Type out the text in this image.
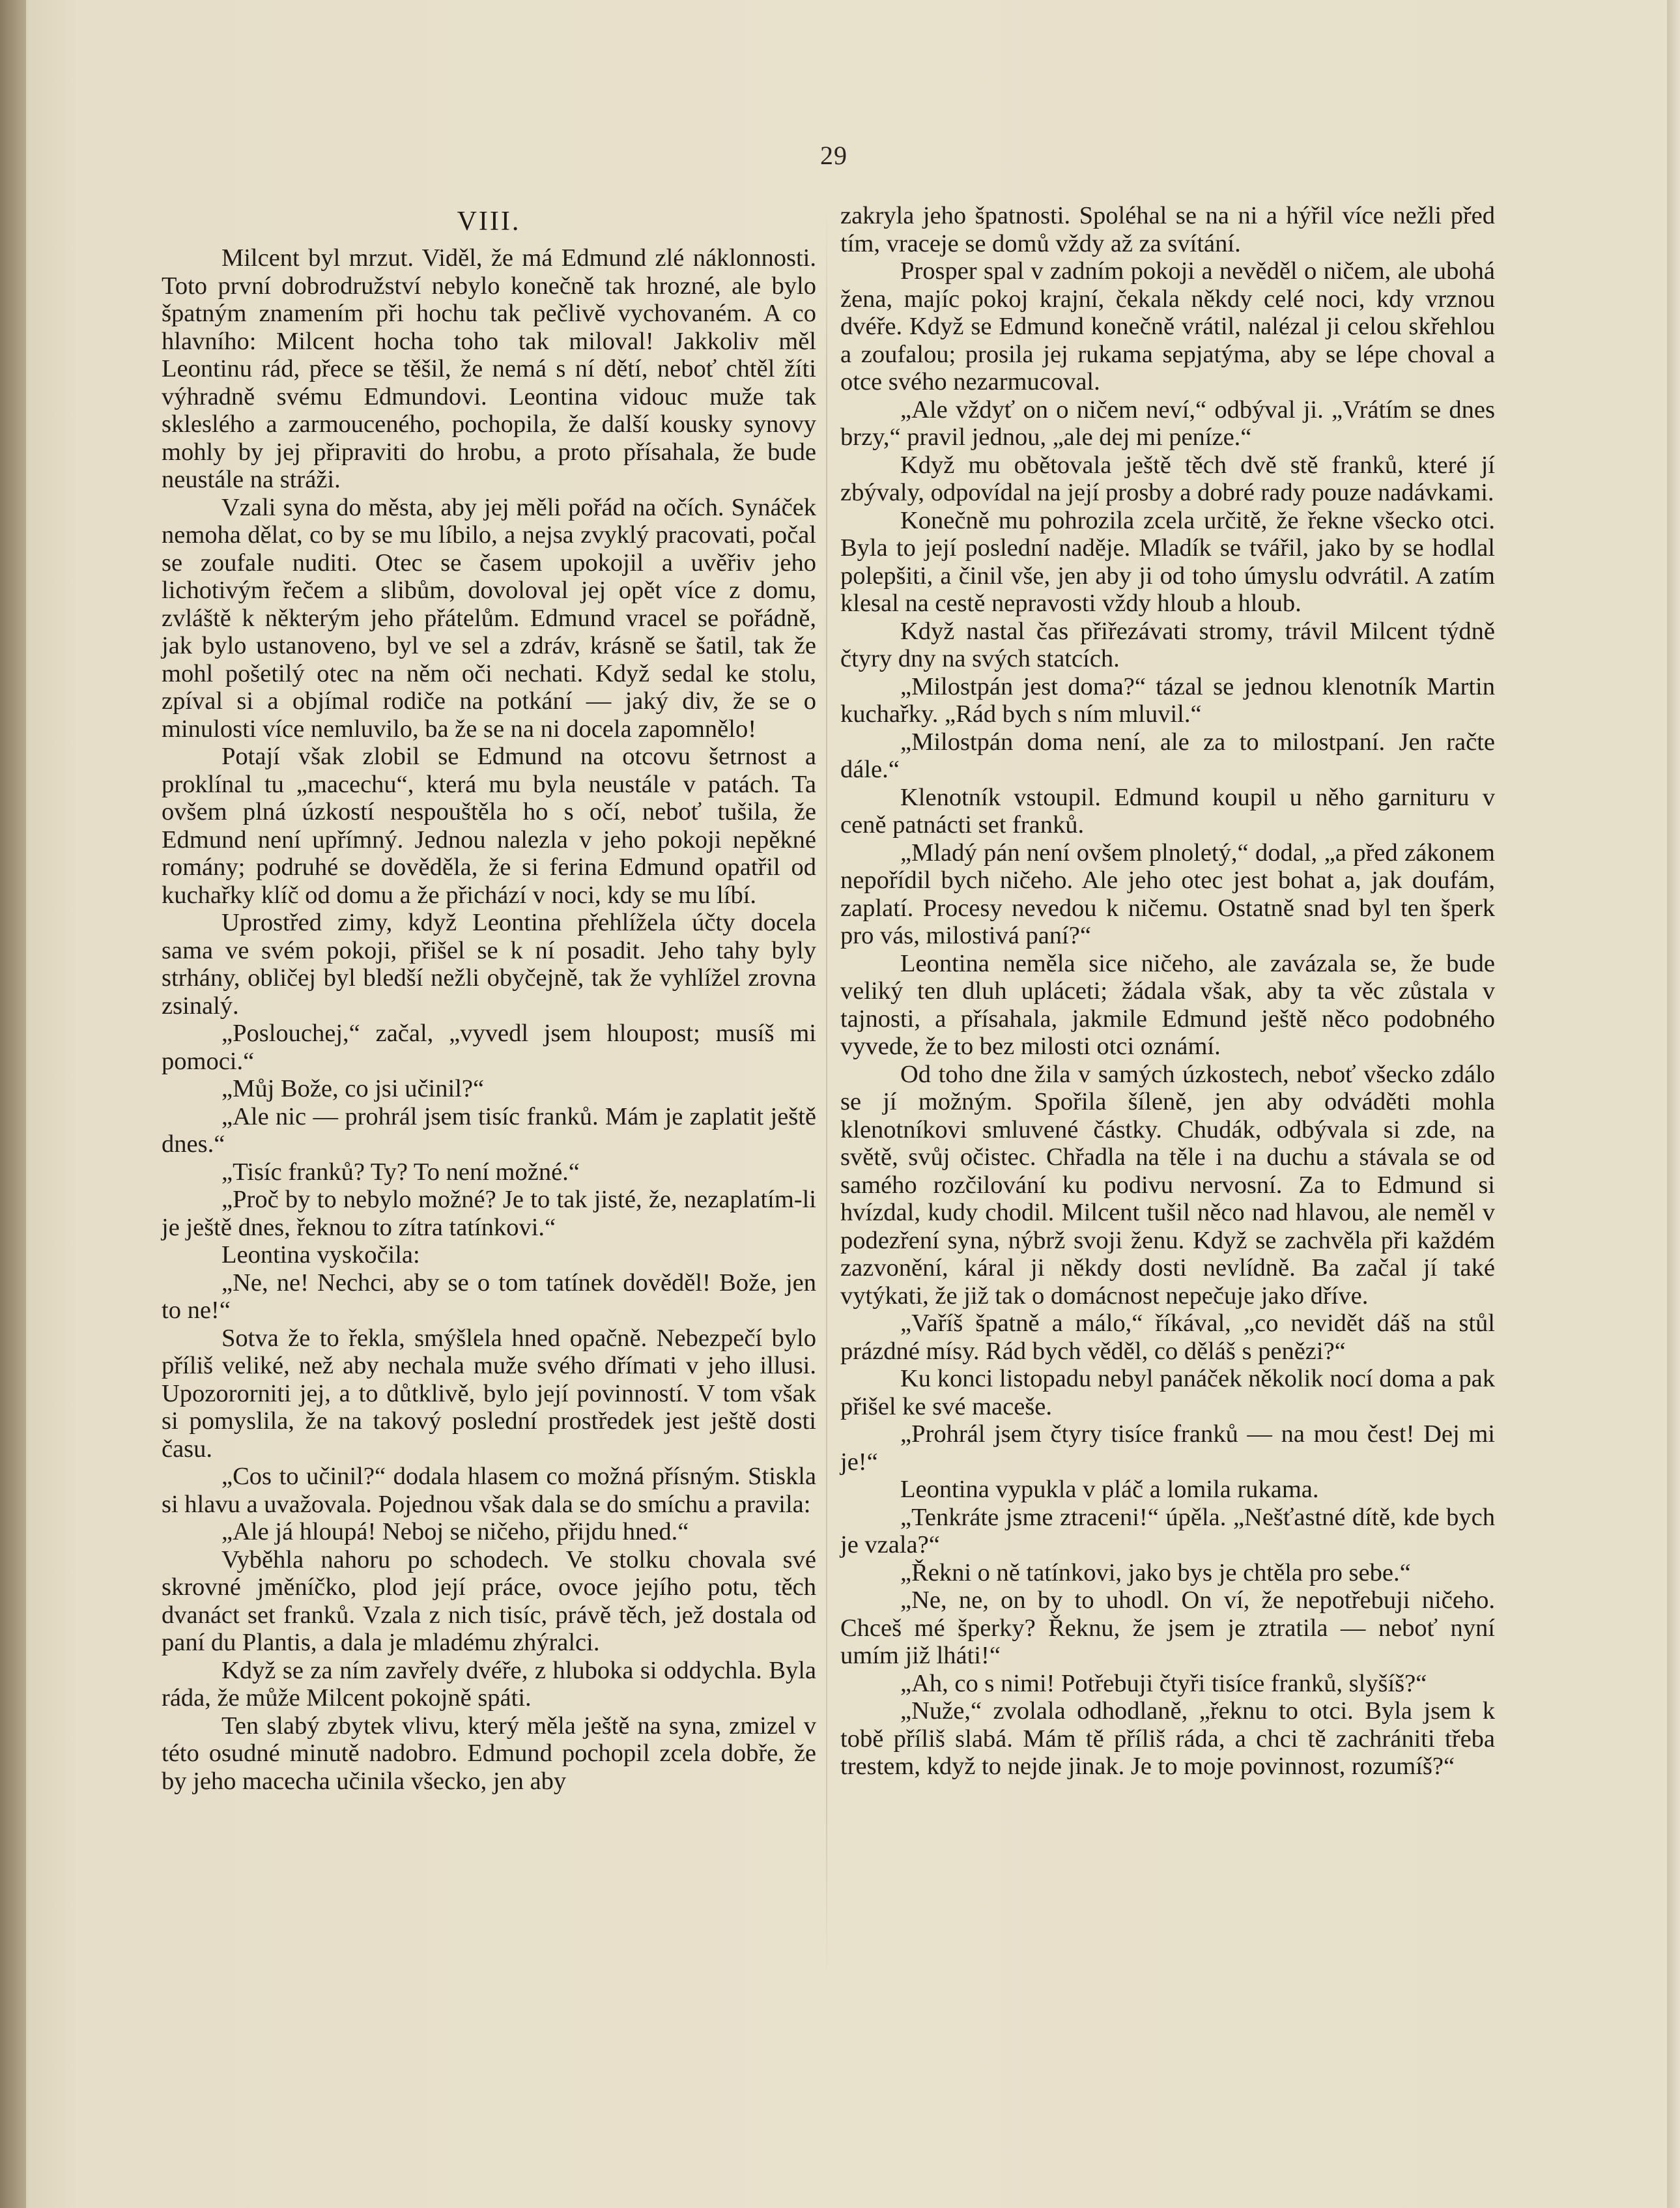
29
VIII.

Milcent byl mrzut. Viděl, že má Edmund zlé náklonnosti. Toto první dobrodružství nebylo konečně tak hrozné, ale bylo špatným znamením při hochu tak pečlivě vychovaném. A co hlavního: Milcent hocha toho tak miloval! Jakkoliv měl Leontinu rád, přece se těšil, že nemá s ní dětí, neboť chtěl žíti výhradně svému Edmundovi. Leontina vidouc muže tak skleslého a zarmouceného, pochopila, že další kousky synovy mohly by jej připraviti do hrobu, a proto přísahala, že bude neustále na stráži.

Vzali syna do města, aby jej měli pořád na očích. Synáček nemoha dělat, co by se mu líbilo, a nejsa zvyklý pracovati, počal se zoufale nuditi. Otec se časem upokojil a uvěřiv jeho lichotivým řečem a slibům, dovoloval jej opět více z domu, zvláště k některým jeho přátelům. Edmund vracel se pořádně, jak bylo ustanoveno, byl ve sel a zdráv, krásně se šatil, tak že mohl pošetilý otec na něm oči nechati. Když sedal ke stolu, zpíval si a objímal rodiče na potkání — jaký div, že se o minulosti více nemluvilo, ba že se na ni docela zapomnělo!

Potají však zlobil se Edmund na otcovu šetrnost a proklínal tu „macechu“, která mu byla neustále v patách. Ta ovšem plná úzkostí nespouštěla ho s očí, neboť tušila, že Edmund není upřímný. Jednou nalezla v jeho pokoji nepěkné romány; podruhé se dověděla, že si ferina Edmund opatřil od kuchařky klíč od domu a že přichází v noci, kdy se mu líbí.

Uprostřed zimy, když Leontina přehlížela účty docela sama ve svém pokoji, přišel se k ní posadit. Jeho tahy byly strhány, obličej byl bledší nežli obyčejně, tak že vyhlížel zrovna zsinalý.

„Poslouchej,“ začal, „vyvedl jsem hloupost; musíš mi pomoci.“

„Můj Bože, co jsi učinil?“

„Ale nic — prohrál jsem tisíc franků. Mám je zaplatit ještě dnes.“

„Tisíc franků? Ty? To není možné.“

„Proč by to nebylo možné? Je to tak jisté, že, nezaplatím-li je ještě dnes, řeknou to zítra tatínkovi.“

Leontina vyskočila:

„Ne, ne! Nechci, aby se o tom tatínek dověděl! Bože, jen to ne!“

Sotva že to řekla, smýšlela hned opačně. Nebezpečí bylo příliš veliké, než aby nechala muže svého dřímati v jeho illusi. Upozororniti jej, a to důtklivě, bylo její povinností. V tom však si pomyslila, že na takový poslední prostředek jest ještě dosti času.

„Cos to učinil?“ dodala hlasem co možná přísným. Stiskla si hlavu a uvažovala. Pojednou však dala se do smíchu a pravila:

„Ale já hloupá! Neboj se ničeho, přijdu hned.“

Vyběhla nahoru po schodech. Ve stolku chovala své skrovné jměníčko, plod její práce, ovoce jejího potu, těch dvanáct set franků. Vzala z nich tisíc, právě těch, jež dostala od paní du Plantis, a dala je mladému zhýralci.

Když se za ním zavřely dvéře, z hluboka si oddychla. Byla ráda, že může Milcent pokojně spáti.

Ten slabý zbytek vlivu, který měla ještě na syna, zmizel v této osudné minutě nadobro. Edmund pochopil zcela dobře, že by jeho macecha učinila všecko, jen aby

zakryla jeho špatnosti. Spoléhal se na ni a hýřil více nežli před tím, vraceje se domů vždy až za svítání.

Prosper spal v zadním pokoji a nevěděl o ničem, ale ubohá žena, majíc pokoj krajní, čekala někdy celé noci, kdy vrznou dvéře. Když se Edmund konečně vrátil, nalézal ji celou skřehlou a zoufalou; prosila jej rukama sepjatýma, aby se lépe choval a otce svého nezarmucoval.

„Ale vždyť on o ničem neví,“ odbýval ji. „Vrátím se dnes brzy,“ pravil jednou, „ale dej mi peníze.“

Když mu obětovala ještě těch dvě stě franků, které jí zbývaly, odpovídal na její prosby a dobré rady pouze nadávkami.

Konečně mu pohrozila zcela určitě, že řekne všecko otci. Byla to její poslední naděje. Mladík se tvářil, jako by se hodlal polepšiti, a činil vše, jen aby ji od toho úmyslu odvrátil. A zatím klesal na cestě nepravosti vždy hloub a hloub.

Když nastal čas přiřezávati stromy, trávil Milcent týdně čtyry dny na svých statcích.

„Milostpán jest doma?“ tázal se jednou klenotník Martin kuchařky. „Rád bych s ním mluvil.“

„Milostpán doma není, ale za to milostpaní. Jen račte dále.“

Klenotník vstoupil. Edmund koupil u něho garnituru v ceně patnácti set franků.

„Mladý pán není ovšem plnoletý,“ dodal, „a před zákonem nepořídil bych ničeho. Ale jeho otec jest bohat a, jak doufám, zaplatí. Procesy nevedou k ničemu. Ostatně snad byl ten šperk pro vás, milostivá paní?“

Leontina neměla sice ničeho, ale zavázala se, že bude veliký ten dluh upláceti; žádala však, aby ta věc zůstala v tajnosti, a přísahala, jakmile Edmund ještě něco podobného vyvede, že to bez milosti otci oznámí.

Od toho dne žila v samých úzkostech, neboť všecko zdálo se jí možným. Spořila šíleně, jen aby odváděti mohla klenotníkovi smluvené částky. Chudák, odbývala si zde, na světě, svůj očistec. Chřadla na těle i na duchu a stávala se od samého rozčilování ku podivu nervosní. Za to Edmund si hvízdal, kudy chodil. Milcent tušil něco nad hlavou, ale neměl v podezření syna, nýbrž svoji ženu. Když se zachvěla při každém zazvonění, káral ji někdy dosti nevlídně. Ba začal jí také vytýkati, že již tak o domácnost nepečuje jako dříve.

„Vaříš špatně a málo,“ říkával, „co nevidět dáš na stůl prázdné mísy. Rád bych věděl, co děláš s penězi?“

Ku konci listopadu nebyl panáček několik nocí doma a pak přišel ke své maceše.

„Prohrál jsem čtyry tisíce franků — na mou čest! Dej mi je!“

Leontina vypukla v pláč a lomila rukama.

„Tenkráte jsme ztraceni!“ úpěla. „Nešťastné dítě, kde bych je vzala?“

„Řekni o ně tatínkovi, jako bys je chtěla pro sebe.“

„Ne, ne, on by to uhodl. On ví, že nepotřebuji ničeho. Chceš mé šperky? Řeknu, že jsem je ztratila — neboť nyní umím již lháti!“

„Ah, co s nimi! Potřebuji čtyři tisíce franků, slyšíš?“

„Nuže,“ zvolala odhodlaně, „řeknu to otci. Byla jsem k tobě příliš slabá. Mám tě příliš ráda, a chci tě zachrániti třeba trestem, když to nejde jinak. Je to moje povinnost, rozumíš?“
